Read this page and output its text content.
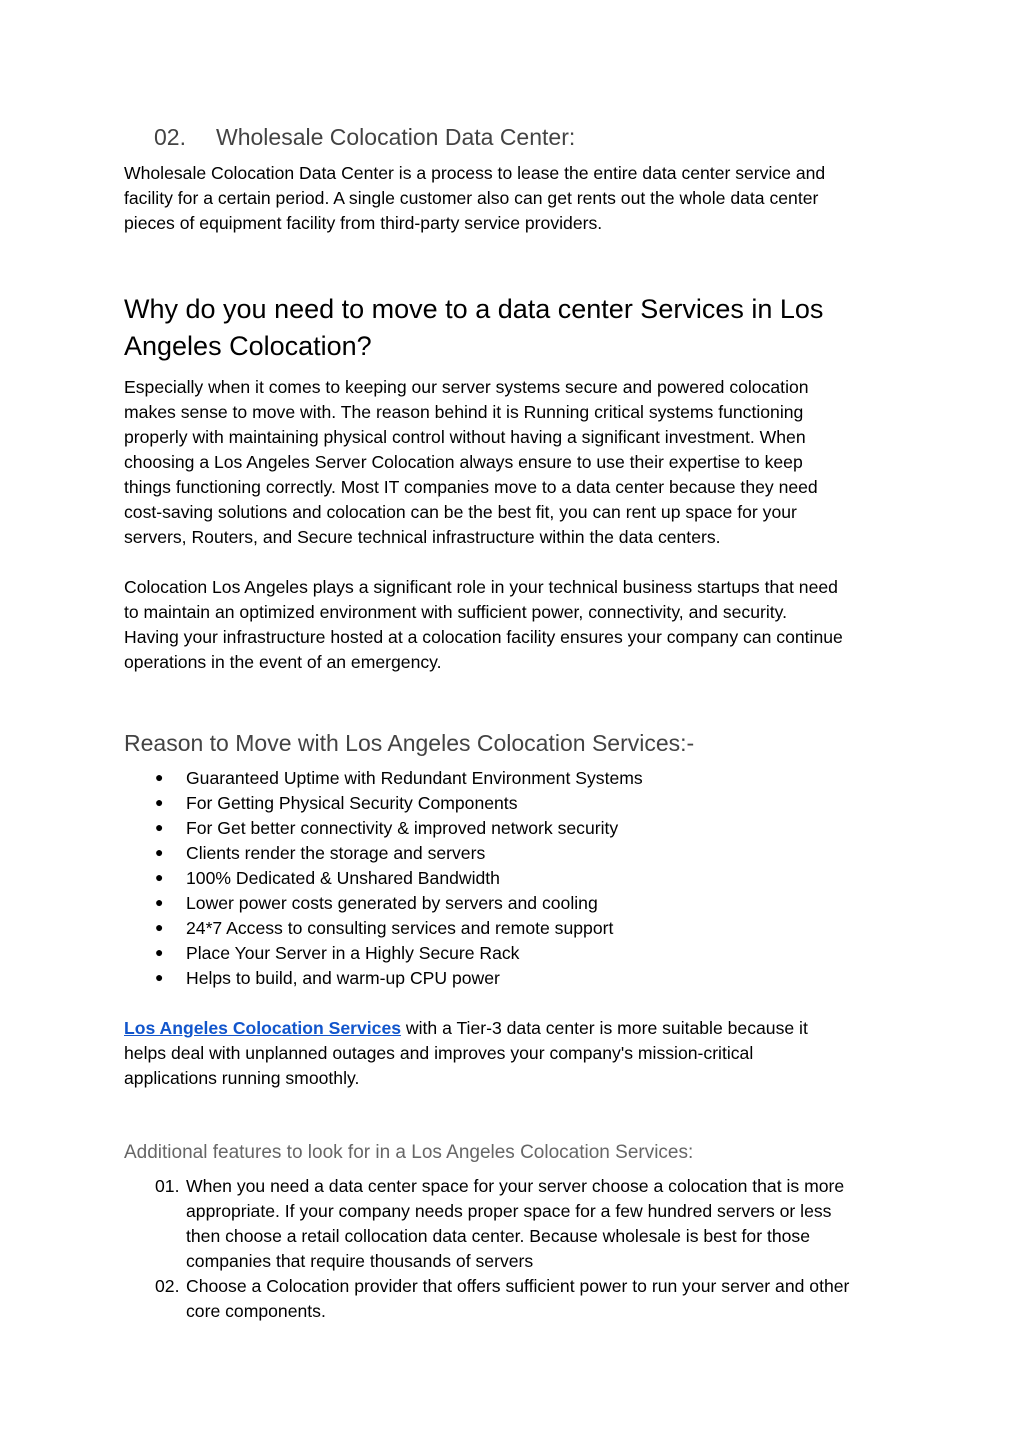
02. Wholesale Colocation Data Center:
Wholesale Colocation Data Center is a process to lease the entire data center service and
facility for a certain period. A single customer also can get rents out the whole data center
pieces of equipment facility from third-party service providers.
Why do you need to move to a data center Services in Los
Angeles Colocation?
Especially when it comes to keeping our server systems secure and powered colocation
makes sense to move with. The reason behind it is Running critical systems functioning
properly with maintaining physical control without having a significant investment. When
choosing a Los Angeles Server Colocation always ensure to use their expertise to keep
things functioning correctly. Most IT companies move to a data center because they need
cost-saving solutions and colocation can be the best fit, you can rent up space for your
servers, Routers, and Secure technical infrastructure within the data centers.
Colocation Los Angeles plays a significant role in your technical business startups that need
to maintain an optimized environment with sufficient power, connectivity, and security.
Having your infrastructure hosted at a colocation facility ensures your company can continue
operations in the event of an emergency.
Reason to Move with Los Angeles Colocation Services:-
● Guaranteed Uptime with Redundant Environment Systems
● For Getting Physical Security Components
● For Get better connectivity & improved network security
● Clients render the storage and servers
● 100% Dedicated & Unshared Bandwidth
● Lower power costs generated by servers and cooling
● 24*7 Access to consulting services and remote support
● Place Your Server in a Highly Secure Rack
● Helps to build, and warm-up CPU power
Los Angeles Colocation Services with a Tier-3 data center is more suitable because it
helps deal with unplanned outages and improves your company's mission-critical
applications running smoothly.
Additional features to look for in a Los Angeles Colocation Services:
01. When you need a data center space for your server choose a colocation that is more
appropriate. If your company needs proper space for a few hundred servers or less
then choose a retail collocation data center. Because wholesale is best for those
companies that require thousands of servers
02. Choose a Colocation provider that offers sufficient power to run your server and other
core components.
